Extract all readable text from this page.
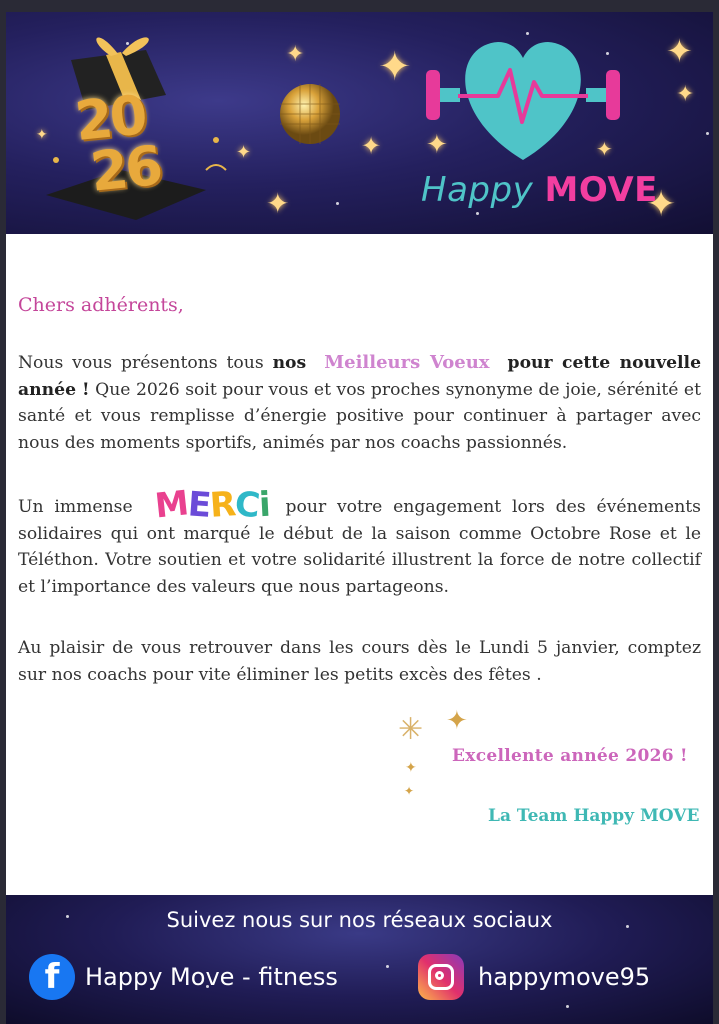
✦ ✦
✦	✦ ✦
✦
✦
✦
✦
✦
✦
20
26	Happy MOVE
Chers adhérents,
Nous vous présentons tous nos Meilleurs Voeux pour cette nouvelle année ! Que 2026 soit pour vous et vos proches synonyme de joie, sérénité et santé et vous remplisse d’énergie positive pour continuer à partager avec nous des moments sportifs, animés par nos coachs passionnés.
Un immense MERCi pour votre engagement lors des événements solidaires qui ont marqué le début de la saison comme Octobre Rose et le Téléthon. Votre soutien et votre solidarité illustrent la force de notre collectif et l’importance des valeurs que nous partageons.
Au plaisir de vous retrouver dans les cours dès le Lundi 5 janvier, comptez sur nos coachs pour vite éliminer les petits excès des fêtes .
✳ ✦
✦
✦
Excellente année 2026 !
La Team Happy MOVE
Suivez nous sur nos réseaux sociaux
f	Happy Move - fitness	happymove95
